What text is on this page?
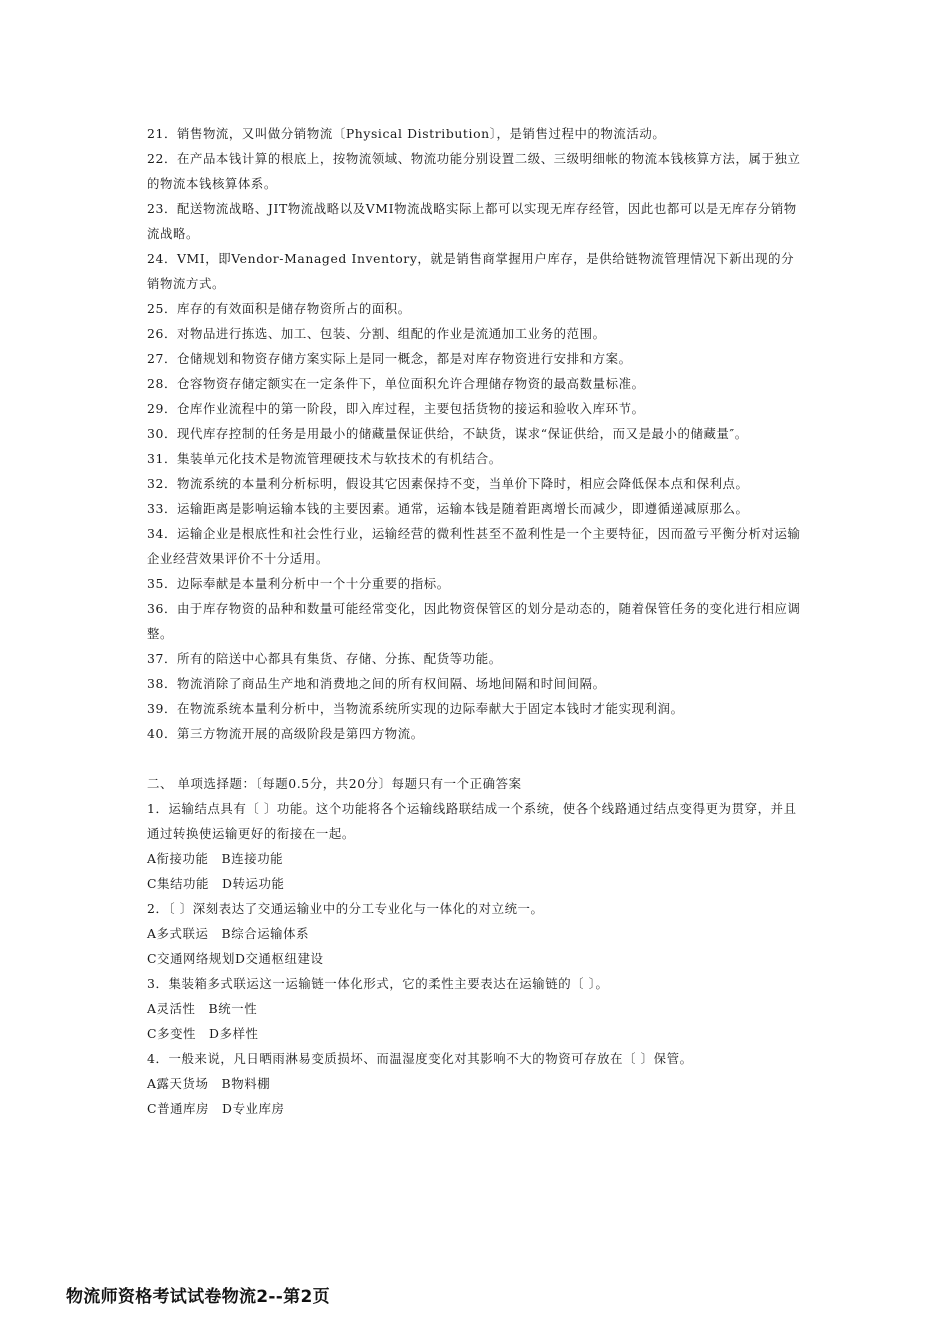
21．销售物流，又叫做分销物流〔Physical Distribution〕，是销售过程中的物流活动。

22．在产品本钱计算的根底上，按物流领域、物流功能分别设置二级、三级明细帐的物流本钱核算方法，属于独立的物流本钱核算体系。

23．配送物流战略、JIT物流战略以及VMI物流战略实际上都可以实现无库存经管，因此也都可以是无库存分销物流战略。

24．VMI，即Vendor-Managed Inventory，就是销售商掌握用户库存，是供给链物流管理情况下新出现的分销物流方式。

25．库存的有效面积是储存物资所占的面积。

26．对物品进行拣选、加工、包装、分割、组配的作业是流通加工业务的范围。

27．仓储规划和物资存储方案实际上是同一概念，都是对库存物资进行安排和方案。

28．仓容物资存储定额实在一定条件下，单位面积允许合理储存物资的最高数量标准。

29．仓库作业流程中的第一阶段，即入库过程，主要包括货物的接运和验收入库环节。

30．现代库存控制的任务是用最小的储藏量保证供给，不缺货，谋求“保证供给，而又是最小的储藏量″。

31．集装单元化技术是物流管理硬技术与软技术的有机结合。

32．物流系统的本量利分析标明，假设其它因素保持不变，当单价下降时，相应会降低保本点和保利点。

33．运输距离是影响运输本钱的主要因素。通常，运输本钱是随着距离增长而减少，即遵循递减原那么。

34．运输企业是根底性和社会性行业，运输经营的微利性甚至不盈利性是一个主要特征，因而盈亏平衡分析对运输企业经营效果评价不十分适用。

35．边际奉献是本量利分析中一个十分重要的指标。

36．由于库存物资的品种和数量可能经常变化，因此物资保管区的划分是动态的，随着保管任务的变化进行相应调整。

37．所有的陪送中心都具有集货、存储、分拣、配货等功能。

38．物流消除了商品生产地和消费地之间的所有权间隔、场地间隔和时间间隔。

39．在物流系统本量利分析中，当物流系统所实现的边际奉献大于固定本钱时才能实现利润。

40．第三方物流开展的高级阶段是第四方物流。

二、 单项选择题：〔每题0.5分，共20分〕每题只有一个正确答案

1．运输结点具有〔 〕功能。这个功能将各个运输线路联结成一个系统，使各个线路通过结点变得更为贯穿，并且通过转换使运输更好的衔接在一起。

A衔接功能　B连接功能

C集结功能　D转运功能

2．〔 〕深刻表达了交通运输业中的分工专业化与一体化的对立统一。

A多式联运　B综合运输体系

C交通网络规划D交通枢纽建设

3．集装箱多式联运这一运输链一体化形式，它的柔性主要表达在运输链的〔 〕。

A灵活性　B统一性

C多变性　D多样性

4．一般来说，凡日晒雨淋易变质损坏、而温湿度变化对其影响不大的物资可存放在〔 〕保管。

A露天货场　B物料棚

C普通库房　D专业库房

物流师资格考试试卷物流2--第2页
